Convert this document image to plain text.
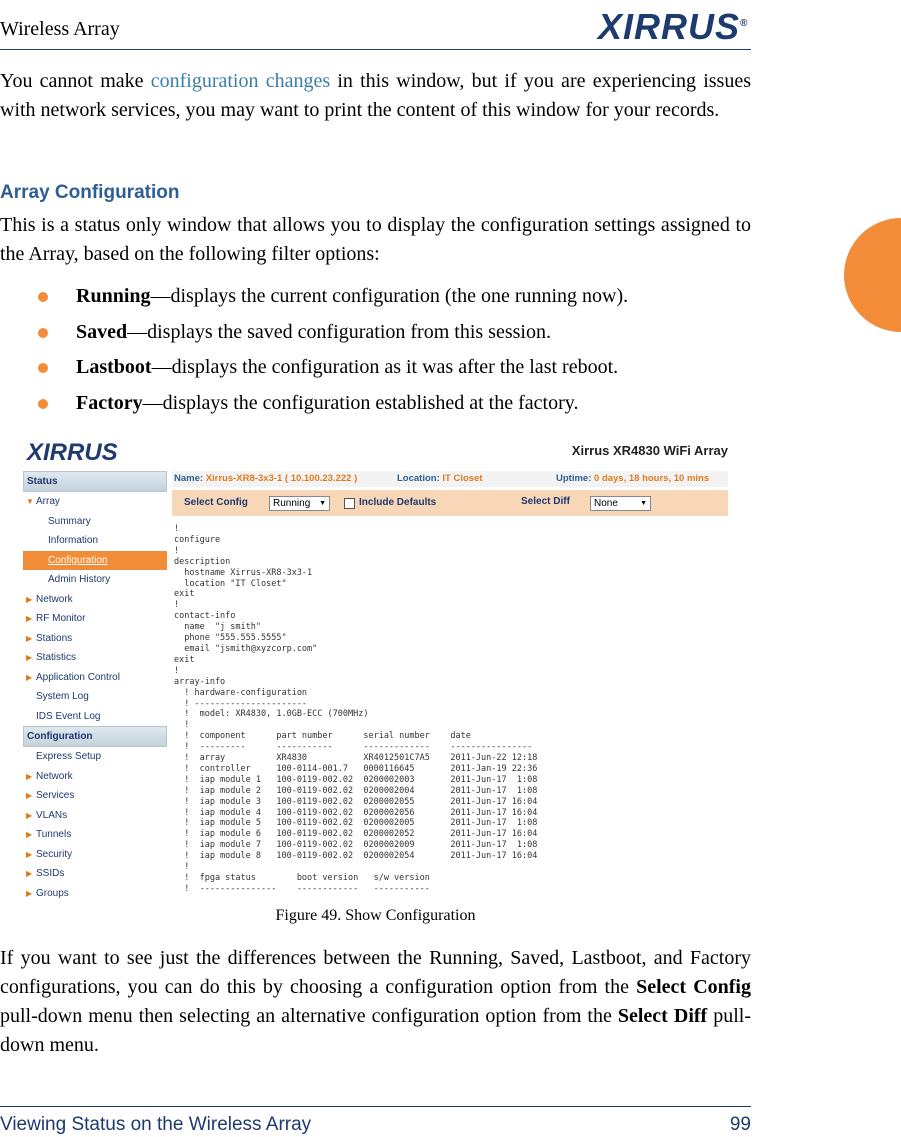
Wireless Array	XIRRUS®

You cannot make configuration changes in this window, but if you are experiencing issues with network services, you may want to print the content of this window for your records.

Array Configuration

This is a status only window that allows you to display the configuration settings assigned to the Array, based on the following filter options:

Running—displays the current configuration (the one running now).
Saved—displays the saved configuration from this session.
Lastboot—displays the configuration as it was after the last reboot.
Factory—displays the configuration established at the factory.
XIRRUS	Xirrus XR4830 WiFi Array
Status
▼ Array
Summary
Information
Configuration
Admin History
▶ Network
▶ RF Monitor
▶ Stations
▶ Statistics
▶ Application Control
System Log
IDS Event Log
Configuration
Express Setup
▶ Network
▶ Services
▶ VLANs
▶ Tunnels
▶ Security
▶ SSIDs
▶ Groups
Name: Xirrus-XR8-3x3-1 ( 10.100.23.222 )	Location: IT Closet	Uptime: 0 days, 18 hours, 10 mins
Select Config	Running ▼	Include Defaults	Select Diff	None	▼
!
configure
!
description
hostname Xirrus-XR8-3x3-1
location "IT Closet"
exit
!
contact-info
name  "j smith"
phone "555.555.5555"
email "jsmith@xyzcorp.com"
exit
!
array-info
! hardware-configuration
! ----------------------
!  model: XR4830, 1.0GB-ECC (700MHz)
!
!  component      part number      serial number    date
!  ---------      -----------      -------------    ----------------
!  array          XR4830           XR4012501C7A5    2011-Jun-22 12:18
!  controller     100-0114-001.7   0000116645       2011-Jan-19 22:36
!  iap module 1   100-0119-002.02  0200002003       2011-Jun-17  1:08
!  iap module 2   100-0119-002.02  0200002004       2011-Jun-17  1:08
!  iap module 3   100-0119-002.02  0200002055       2011-Jun-17 16:04
!  iap module 4   100-0119-002.02  0200002056       2011-Jun-17 16:04
!  iap module 5   100-0119-002.02  0200002005       2011-Jun-17  1:08
!  iap module 6   100-0119-002.02  0200002052       2011-Jun-17 16:04
!  iap module 7   100-0119-002.02  0200002009       2011-Jun-17  1:08
!  iap module 8   100-0119-002.02  0200002054       2011-Jun-17 16:04
!
!  fpga status        boot version   s/w version
!  ---------------    ------------   -----------
Figure 49. Show Configuration

If you want to see just the differences between the Running, Saved, Lastboot, and Factory configurations, you can do this by choosing a configuration option from the Select Config pull-down menu then selecting an alternative configuration option from the Select Diff pull-down menu.

Viewing Status on the Wireless Array	99
